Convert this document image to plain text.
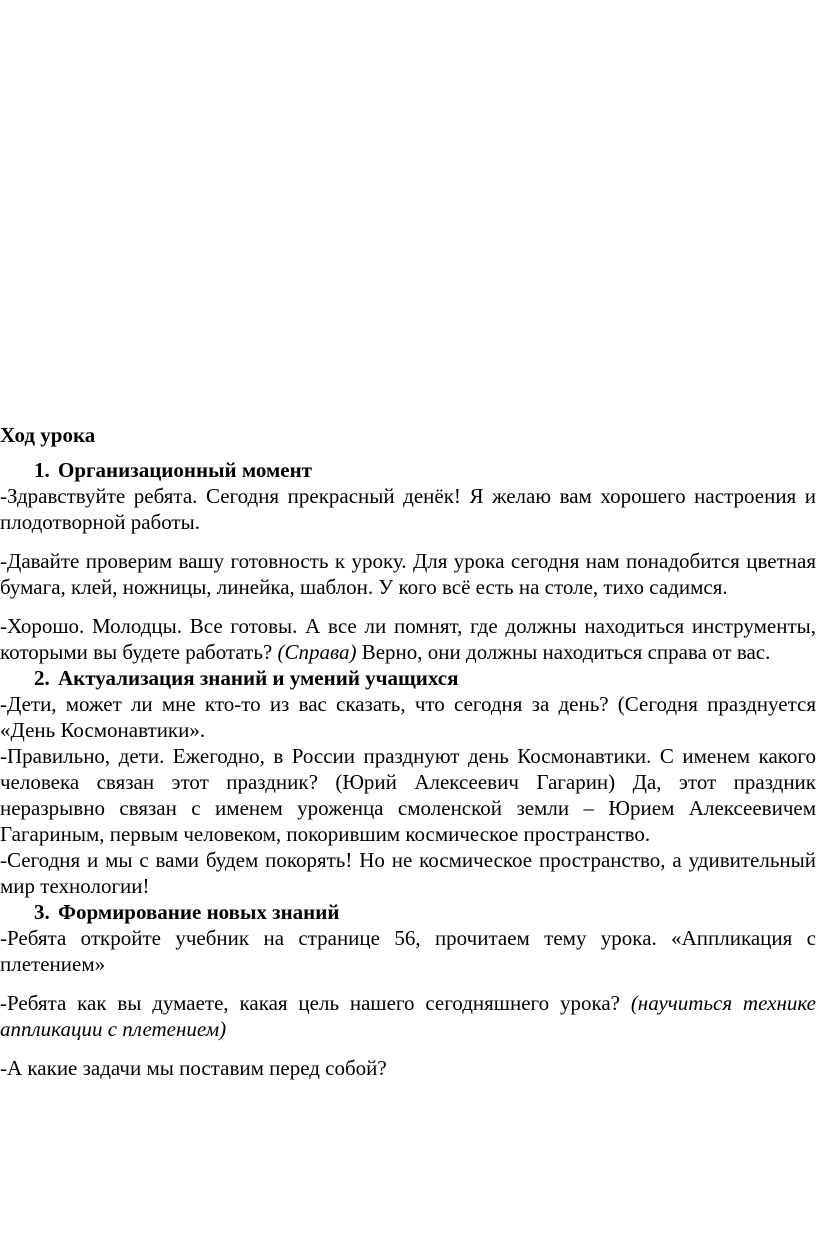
Ход урока
1. Организационный момент

-Здравствуйте ребята. Сегодня прекрасный денёк! Я желаю вам хорошего настроения и плодотворной работы.

-Давайте проверим вашу готовность к уроку. Для урока сегодня нам понадобится цветная бумага, клей, ножницы, линейка, шаблон. У кого всё есть на столе, тихо садимся.

-Хорошо. Молодцы. Все готовы. А все ли помнят, где должны находиться инструменты, которыми вы будете работать? (Справа) Верно, они должны находиться справа от вас.

2. Актуализация знаний и умений учащихся

-Дети, может ли мне кто-то из вас сказать, что сегодня за день? (Сегодня празднуется «День Космонавтики».

-Правильно, дети. Ежегодно, в России празднуют день Космонавтики. С именем какого человека связан этот праздник? (Юрий Алексеевич Гагарин) Да, этот праздник неразрывно связан с именем уроженца смоленской земли – Юрием Алексеевичем Гагариным, первым человеком, покорившим космическое пространство.

-Сегодня и мы с вами будем покорять! Но не космическое пространство, а удивительный мир технологии!

3. Формирование новых знаний

-Ребята откройте учебник на странице 56, прочитаем тему урока. «Аппликация с плетением»

-Ребята как вы думаете, какая цель нашего сегодняшнего урока? (научиться технике аппликации с плетением)

-А какие задачи мы поставим перед собой?
